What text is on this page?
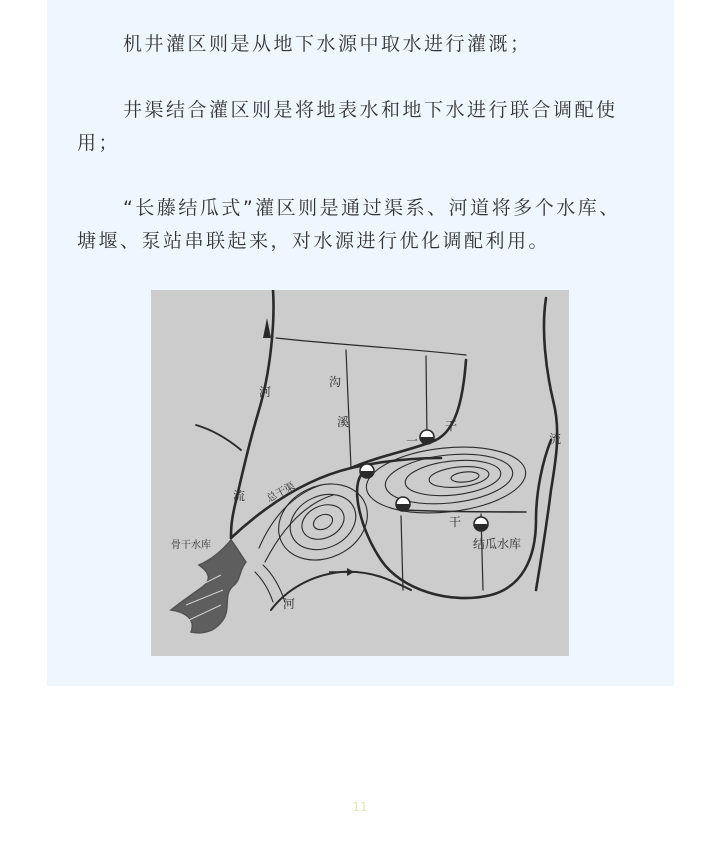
机井灌区则是从地下水源中取水进行灌溉；

井渠结合灌区则是将地表水和地下水进行联合调配使用；

“长藤结瓜式”灌区则是通过渠系、河道将多个水库、塘堰、泵站串联起来，对水源进行优化调配利用。

河
流
沟
溪
总干渠
一
干
干
流
河
骨干水库	结瓜水库

11
